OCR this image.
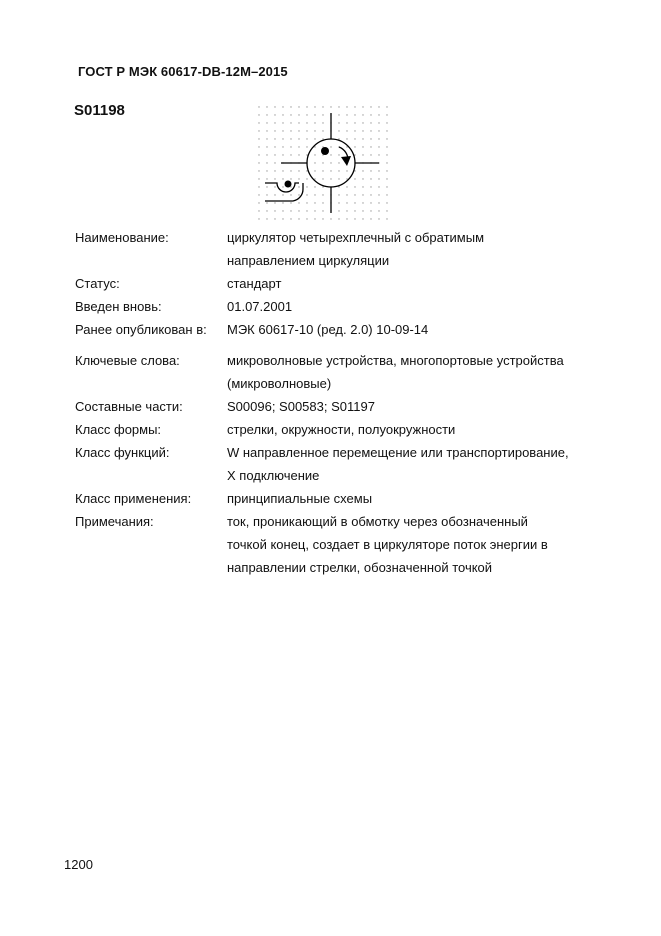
ГОСТ Р МЭК 60617-DB-12M–2015
S01198
Наименование:	циркулятор четырехплечный с обратимым
направлением циркуляции
Статус:	стандарт
Введен вновь:	01.07.2001
Ранее опубликован в: МЭК 60617-10 (ред. 2.0) 10-09-14
Ключевые слова:	микроволновые устройства, многопортовые устройства
(микроволновые)
Составные части:	S00096; S00583; S01197
Класс формы:	стрелки, окружности, полуокружности
Класс функций:	W направленное перемещение или транспортирование,
X подключение
Класс применения:	принципиальные схемы
Примечания:	ток, проникающий в обмотку через обозначенный
точкой конец, создает в циркуляторе поток энергии в
направлении стрелки, обозначенной точкой
1200
